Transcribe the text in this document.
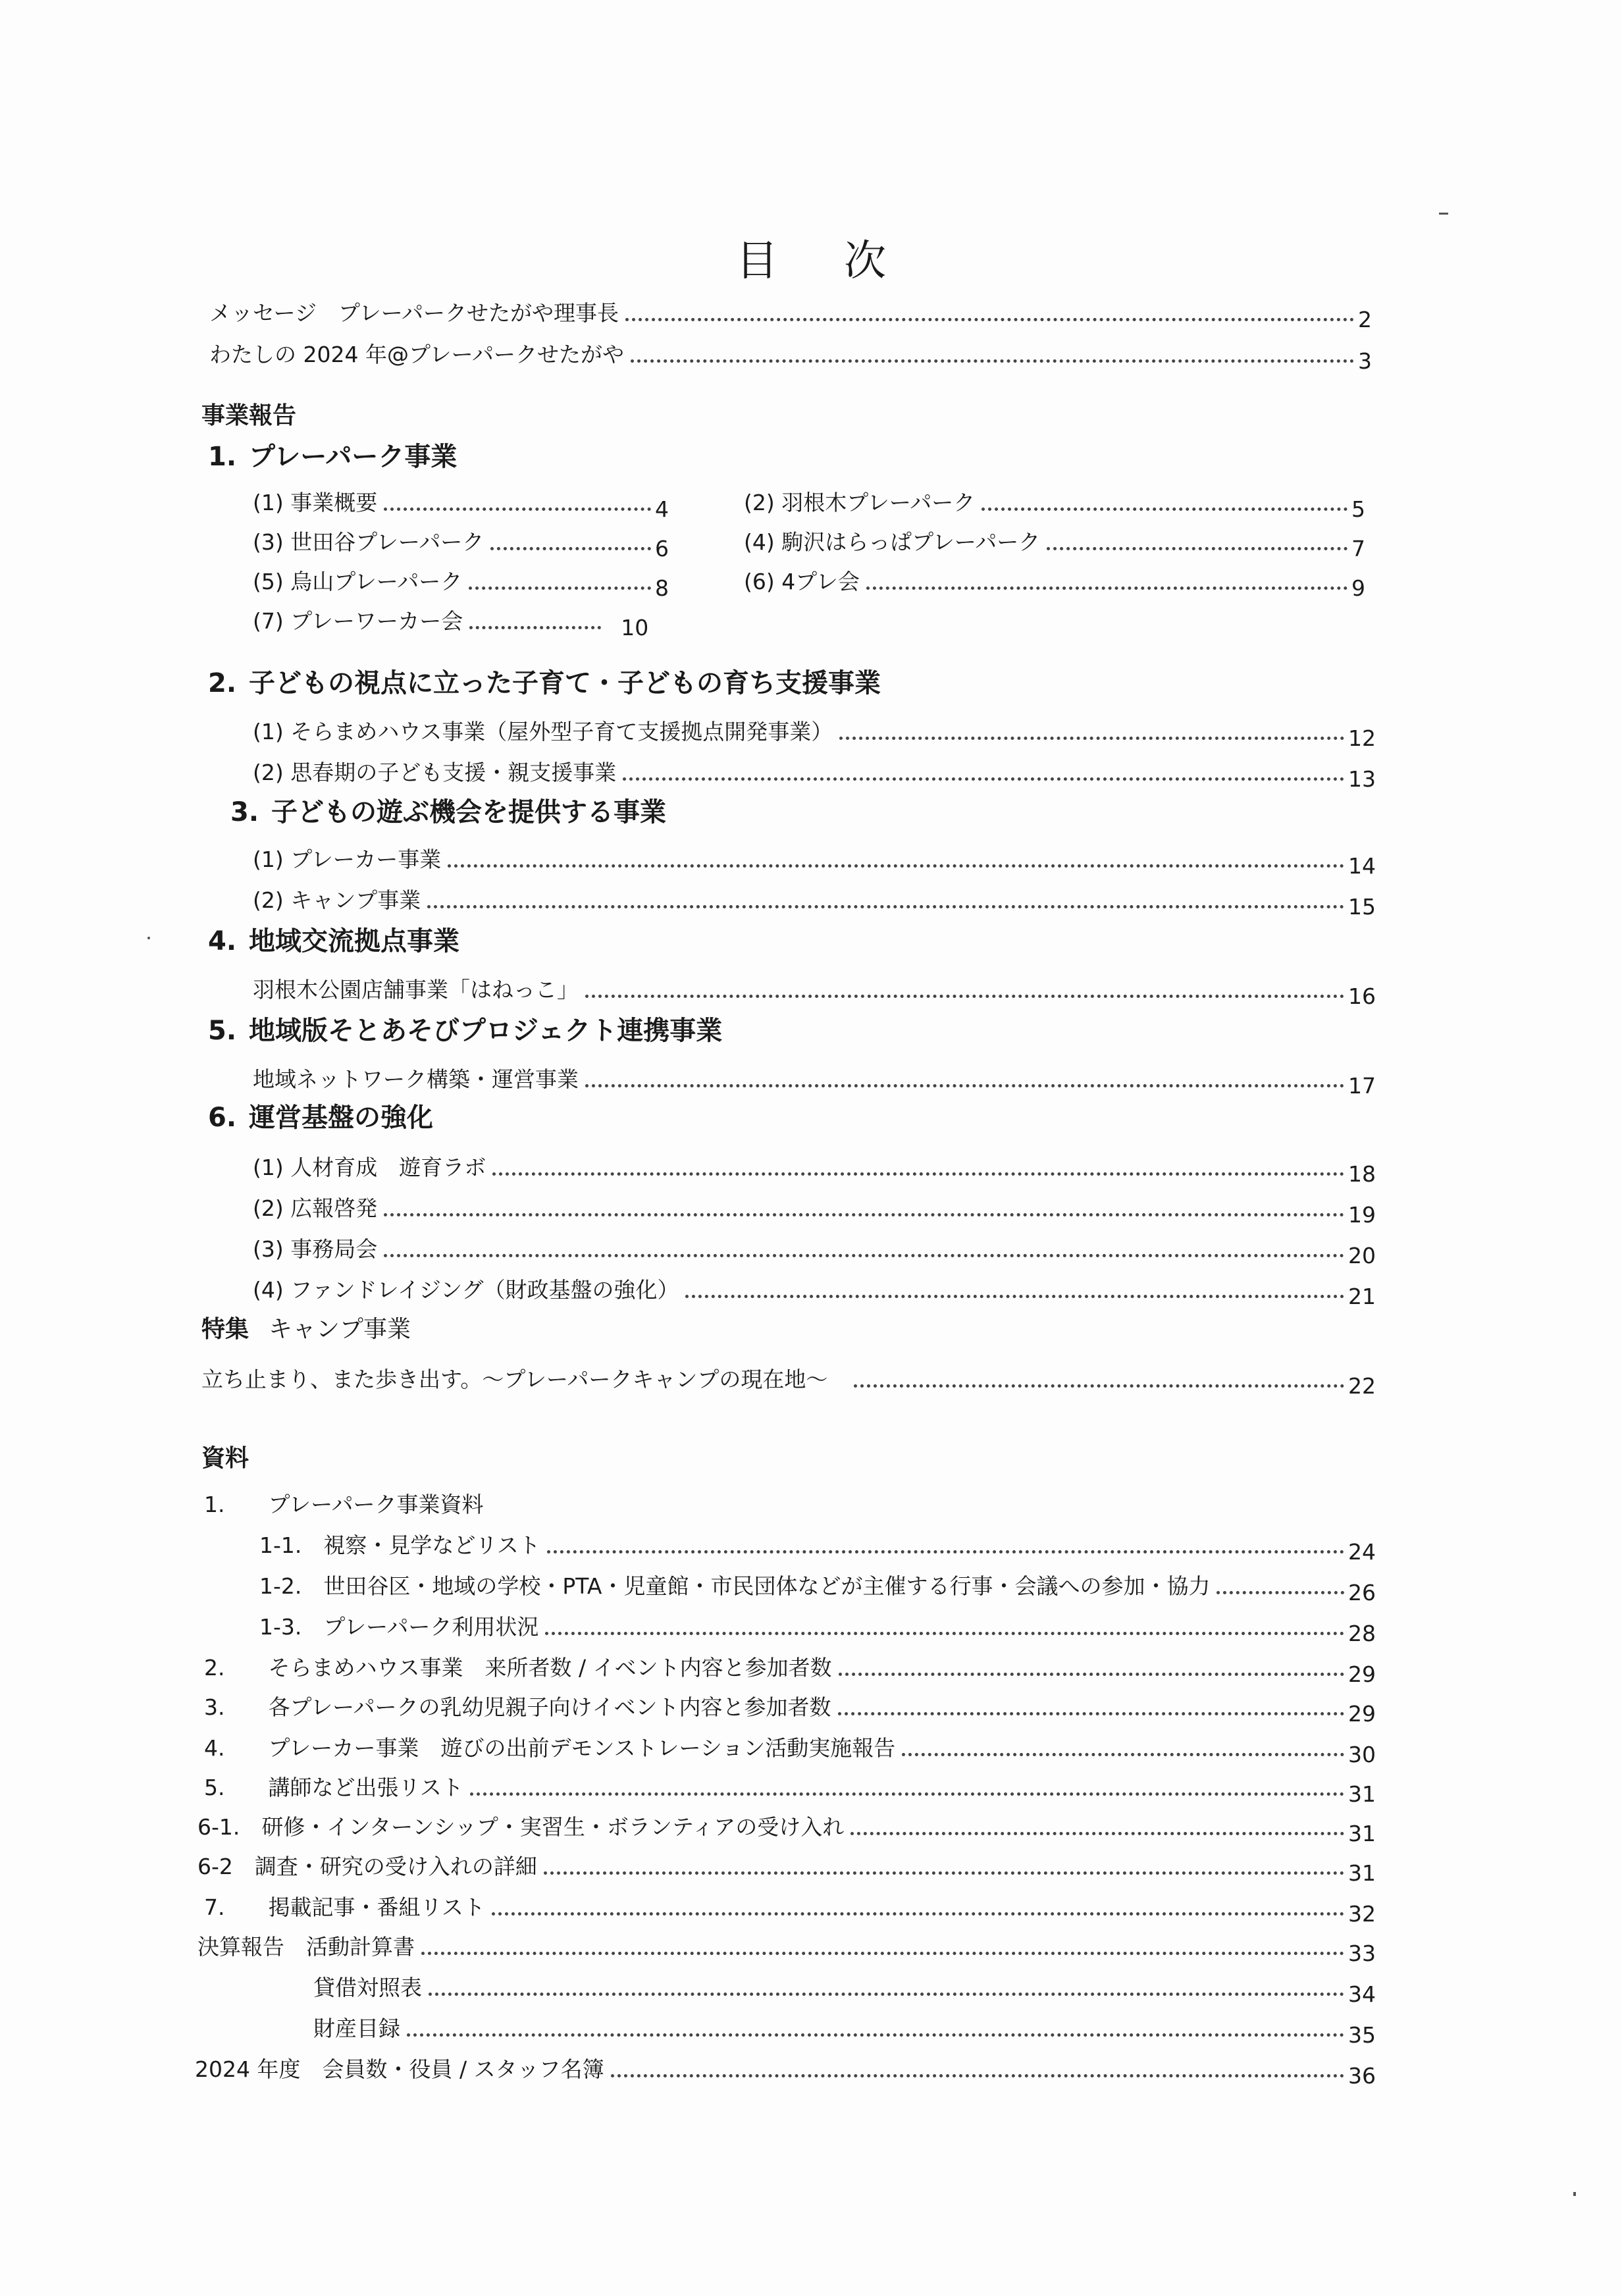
目 次
メッセージ　プレーパークせたがや理事長	2
わたしの 2024 年@プレーパークせたがや	3
事業報告
1. プレーパーク事業
(1) 事業概要	4	(2) 羽根木プレーパーク	5
(3) 世田谷プレーパーク	6	(4) 駒沢はらっぱプレーパーク	7
(5) 烏山プレーパーク	8	(6) 4プレ会	9
(7) プレーワーカー会	10
2. 子どもの視点に立った子育て・子どもの育ち支援事業
(1) そらまめハウス事業（屋外型子育て支援拠点開発事業）	12
(2) 思春期の子ども支援・親支援事業	13
3. 子どもの遊ぶ機会を提供する事業
(1) プレーカー事業	14
(2) キャンプ事業	15
4. 地域交流拠点事業
羽根木公園店舗事業「はねっこ」	16
5. 地域版そとあそびプロジェクト連携事業
地域ネットワーク構築・運営事業	17
6. 運営基盤の強化
(1) 人材育成　遊育ラボ	18
(2) 広報啓発	19
(3) 事務局会	20
(4) ファンドレイジング（財政基盤の強化）	21
特集 キャンプ事業
立ち止まり、また歩き出す。～プレーパークキャンプの現在地～	22
資料
1.　　プレーパーク事業資料
1-1.　視察・見学などリスト	24
1-2.　世田谷区・地域の学校・PTA・児童館・市民団体などが主催する行事・会議への参加・協力	26
1-3.　プレーパーク利用状況	28
2.　　そらまめハウス事業　来所者数 / イベント内容と参加者数	29
3.　　各プレーパークの乳幼児親子向けイベント内容と参加者数	29
4.　　プレーカー事業　遊びの出前デモンストレーション活動実施報告	30
5.　　講師など出張リスト	31
6-1.　研修・インターンシップ・実習生・ボランティアの受け入れ	31
6-2　調査・研究の受け入れの詳細	31
7.　　掲載記事・番組リスト	32
決算報告　活動計算書	33
貸借対照表	34
財産目録	35
2024 年度　会員数・役員 / スタッフ名簿	36
